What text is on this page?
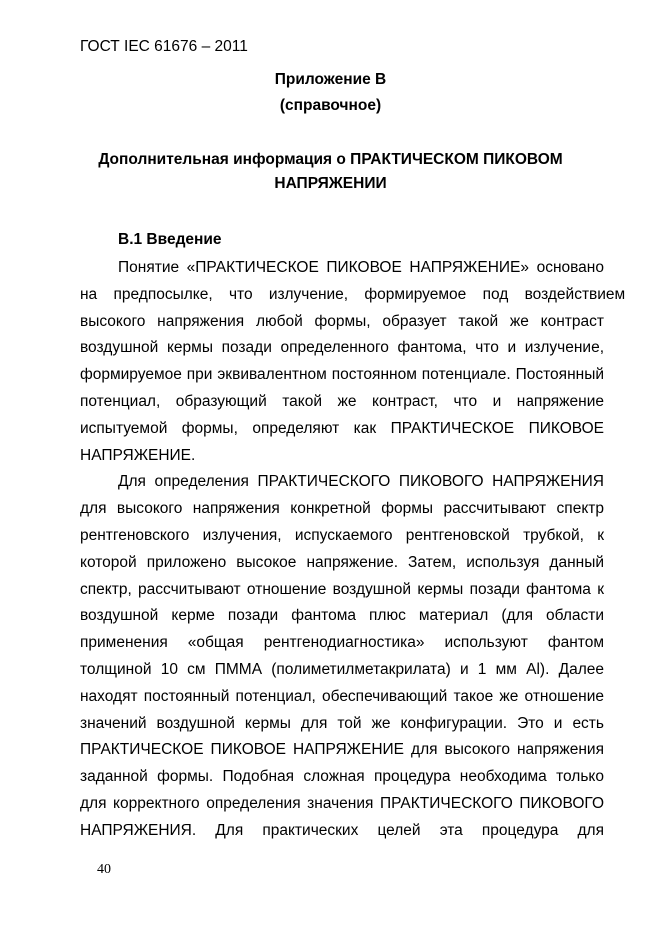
ГОСТ IEC 61676 – 2011
Приложение В
(справочное)
Дополнительная информация о ПРАКТИЧЕСКОМ ПИКОВОМ
НАПРЯЖЕНИИ
В.1 Введение
Понятие «ПРАКТИЧЕСКОЕ ПИКОВОЕ НАПРЯЖЕНИЕ» основано
на предпосылке, что излучение, формируемое под воздействием
высокого напряжения любой формы, образует такой же контраст
воздушной кермы позади определенного фантома, что и излучение,
формируемое при эквивалентном постоянном потенциале. Постоянный
потенциал, образующий такой же контраст, что и напряжение
испытуемой формы, определяют как ПРАКТИЧЕСКОЕ ПИКОВОЕ
НАПРЯЖЕНИЕ.
Для определения ПРАКТИЧЕСКОГО ПИКОВОГО НАПРЯЖЕНИЯ
для высокого напряжения конкретной формы рассчитывают спектр
рентгеновского излучения, испускаемого рентгеновской трубкой, к
которой приложено высокое напряжение. Затем, используя данный
спектр, рассчитывают отношение воздушной кермы позади фантома к
воздушной керме позади фантома плюс материал (для области
применения «общая рентгенодиагностика» используют фантом
толщиной 10 см ПММА (полиметилметакрилата) и 1 мм Al). Далее
находят постоянный потенциал, обеспечивающий такое же отношение
значений воздушной кермы для той же конфигурации. Это и есть
ПРАКТИЧЕСКОЕ ПИКОВОЕ НАПРЯЖЕНИЕ для высокого напряжения
заданной формы. Подобная сложная процедура необходима только
для корректного определения значения ПРАКТИЧЕСКОГО ПИКОВОГО
НАПРЯЖЕНИЯ. Для практических целей эта процедура для
40
